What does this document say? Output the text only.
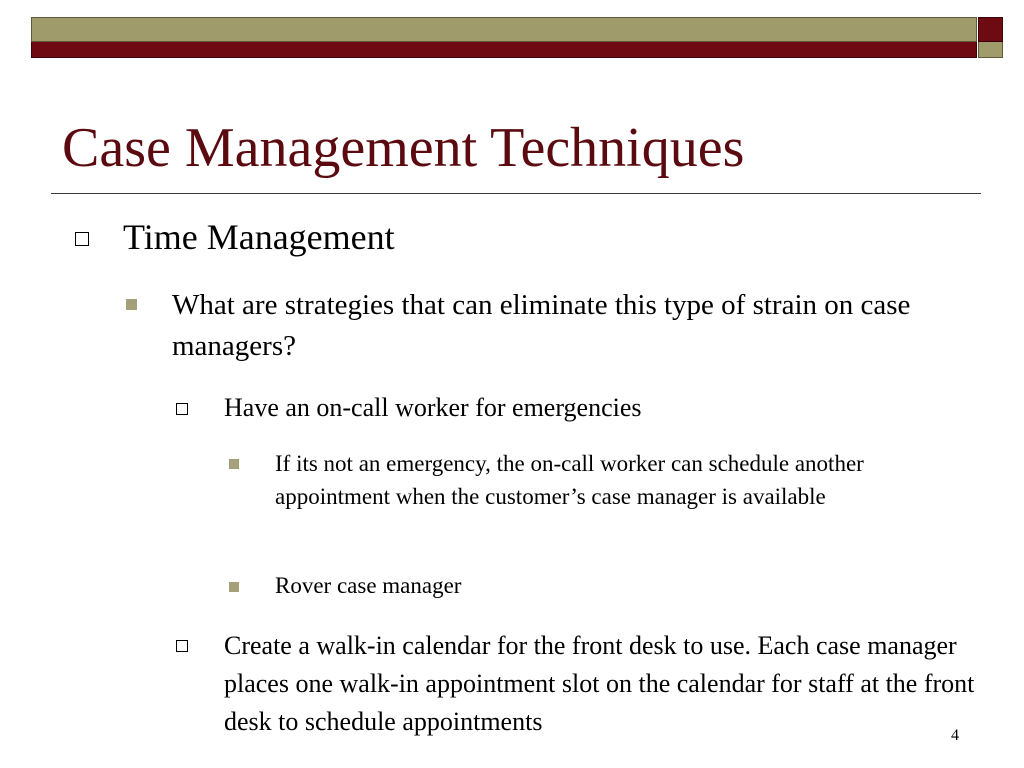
Case Management Techniques

Time Management

What are strategies that can eliminate this type of strain on case managers?

Have an on-call worker for emergencies

If its not an emergency, the on-call worker can schedule another appointment when the customer’s case manager is available

Rover case manager

Create a walk-in calendar for the front desk to use. Each case manager places one walk-in appointment slot on the calendar for staff at the front desk to schedule appointments	4
